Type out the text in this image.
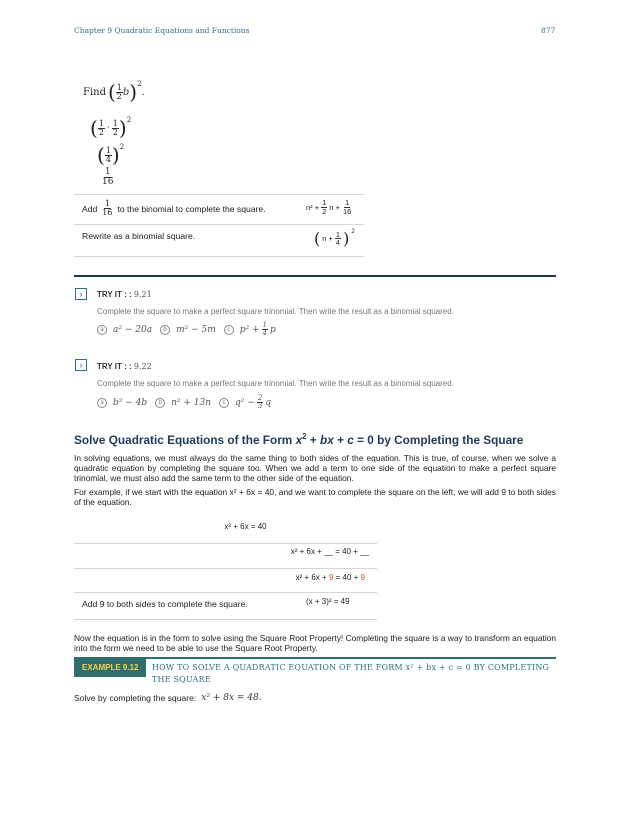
Chapter 9 Quadratic Equations and Functions	877
Find ( $\frac{1}{2}$ b ) 2
.
( $\frac{1}{2} \cdot \frac{1}{2}$ ) 2
( $\frac{1}{4}$ ) 2
$\frac{1}{16}$
Add $\frac{1}{16}$ to the binomial to complete the square.	$n^2 + \frac{1}{2}$ $n + \frac{1}{16}$
Rewrite as a binomial square.	( $n + \frac{1}{4}$ ) 2
›	TRY IT : : 9.21
Complete the square to make a perfect square trinomial. Then write the result as a binomial squared.
a	a² − 20a	b	m² − 5m	c	$p^2 + \frac{1}{4}$ p
›	TRY IT : : 9.22
Complete the square to make a perfect square trinomial. Then write the result as a binomial squared.
a	b² − 4b	b	n² + 13n	c	$q^2 - \frac{2}{3}$ q
Solve Quadratic Equations of the Form $x^2$ + bx + c = 0 by Completing the Square
In solving equations, we must always do the same thing to both sides of the equation. This is true, of course, when we solve a quadratic equation by completing the square too. When we add a term to one side of the equation to make a perfect square trinomial, we must also add the same term to the other side of the equation.
For example, if we start with the equation x² + 6x = 40, and we want to complete the square on the left, we will add 9 to both sides of the equation.
x² + 6x = 40
x² + 6x + __ = 40 + __
x² + 6x + 9 = 40 + 9
Add 9 to both sides to complete the square.	(x + 3)² = 49
Now the equation is in the form to solve using the Square Root Property! Completing the square is a way to transform an equation into the form we need to be able to use the Square Root Property.
EXAMPLE 9.12	HOW TO SOLVE A QUADRATIC EQUATION OF THE FORM x² + bx + c = 0 BY COMPLETING
THE SQUARE
Solve by completing the square: x² + 8x = 48.
